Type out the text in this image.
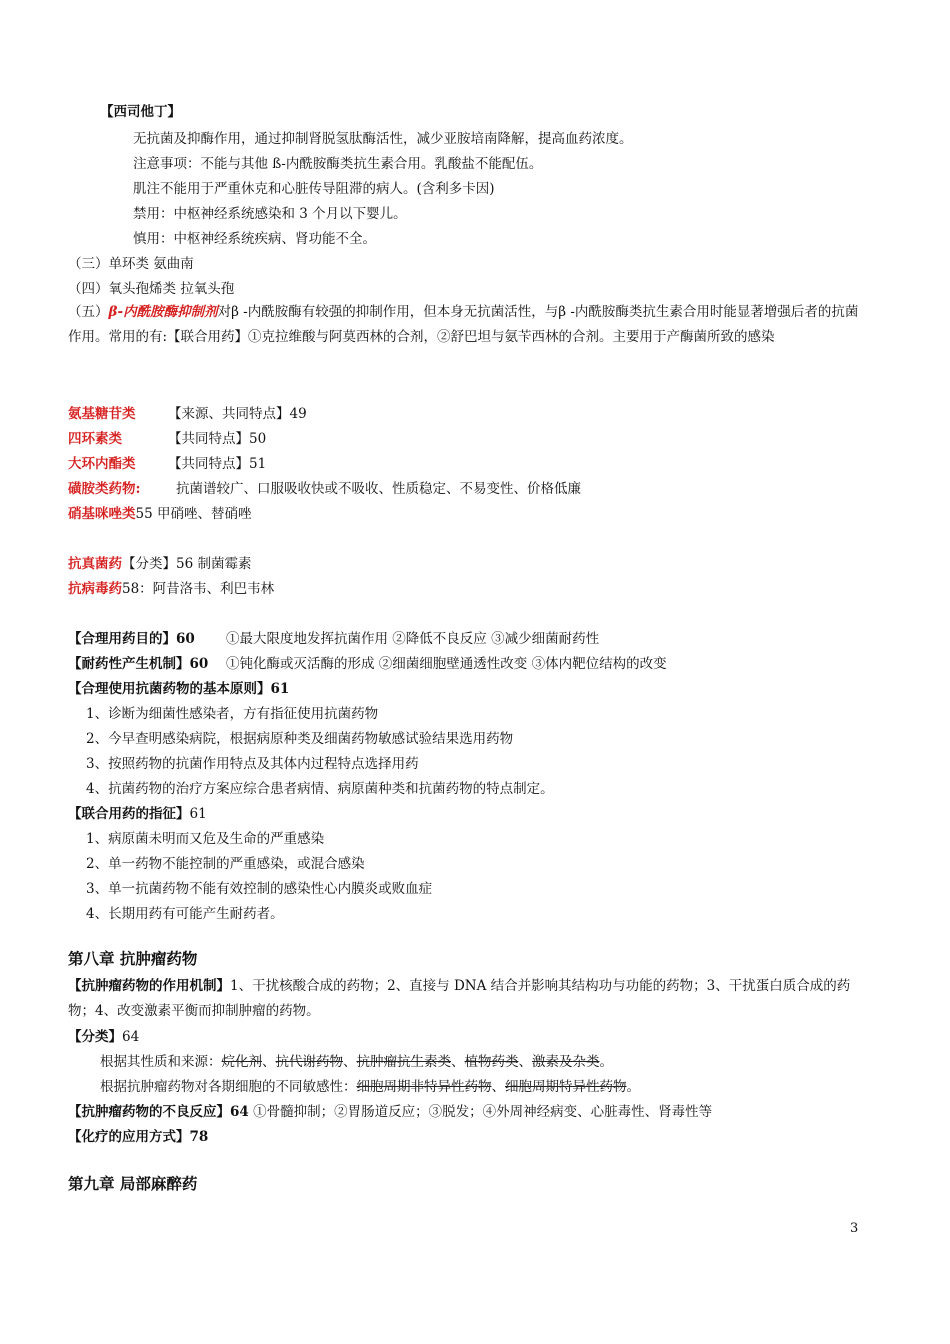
【西司他丁】
无抗菌及抑酶作用，通过抑制肾脱氢肽酶活性，减少亚胺培南降解，提高血药浓度。
注意事项：不能与其他 ß-内酰胺酶类抗生素合用。乳酸盐不能配伍。
肌注不能用于严重休克和心脏传导阻滞的病人。(含利多卡因)
禁用：中枢神经系统感染和 3 个月以下婴儿。
慎用：中枢神经系统疾病、肾功能不全。
（三）单环类 氨曲南
（四）氧头孢烯类 拉氧头孢
（五）β-内酰胺酶抑制剂对β -内酰胺酶有较强的抑制作用，但本身无抗菌活性，与β -内酰胺酶类抗生素合用时能显著增强后者的抗菌作用。常用的有:【联合用药】①克拉维酸与阿莫西林的合剂，②舒巴坦与氨苄西林的合剂。主要用于产酶菌所致的感染
氨基糖苷类 【来源、共同特点】49
四环素类	【共同特点】50
大环内酯类 【共同特点】51
磺胺类药物:	抗菌谱较广、口服吸收快或不吸收、性质稳定、不易变性、价格低廉
硝基咪唑类55 甲硝唑、替硝唑
抗真菌药【分类】56 制菌霉素
抗病毒药58：阿昔洛韦、利巴韦林
【合理用药目的】60 ①最大限度地发挥抗菌作用 ②降低不良反应 ③减少细菌耐药性
【耐药性产生机制】60 ①钝化酶或灭活酶的形成 ②细菌细胞壁通透性改变 ③体内靶位结构的改变
【合理使用抗菌药物的基本原则】61
1、诊断为细菌性感染者，方有指征使用抗菌药物
2、今早查明感染病院，根据病原种类及细菌药物敏感试验结果选用药物
3、按照药物的抗菌作用特点及其体内过程特点选择用药
4、抗菌药物的治疗方案应综合患者病情、病原菌种类和抗菌药物的特点制定。
【联合用药的指征】61
1、病原菌未明而又危及生命的严重感染
2、单一药物不能控制的严重感染，或混合感染
3、单一抗菌药物不能有效控制的感染性心内膜炎或败血症
4、长期用药有可能产生耐药者。
第八章 抗肿瘤药物
【抗肿瘤药物的作用机制】1、干扰核酸合成的药物；2、直接与 DNA 结合并影响其结构功与功能的药物；3、干扰蛋白质合成的药物；4、改变激素平衡而抑制肿瘤的药物。
【分类】64
根据其性质和来源：烷化剂、抗代谢药物、抗肿瘤抗生素类、植物药类、激素及杂类。
根据抗肿瘤药物对各期细胞的不同敏感性：细胞周期非特异性药物、细胞周期特异性药物。
【抗肿瘤药物的不良反应】64 ①骨髓抑制；②胃肠道反应；③脱发；④外周神经病变、心脏毒性、肾毒性等
【化疗的应用方式】78
第九章 局部麻醉药
3
